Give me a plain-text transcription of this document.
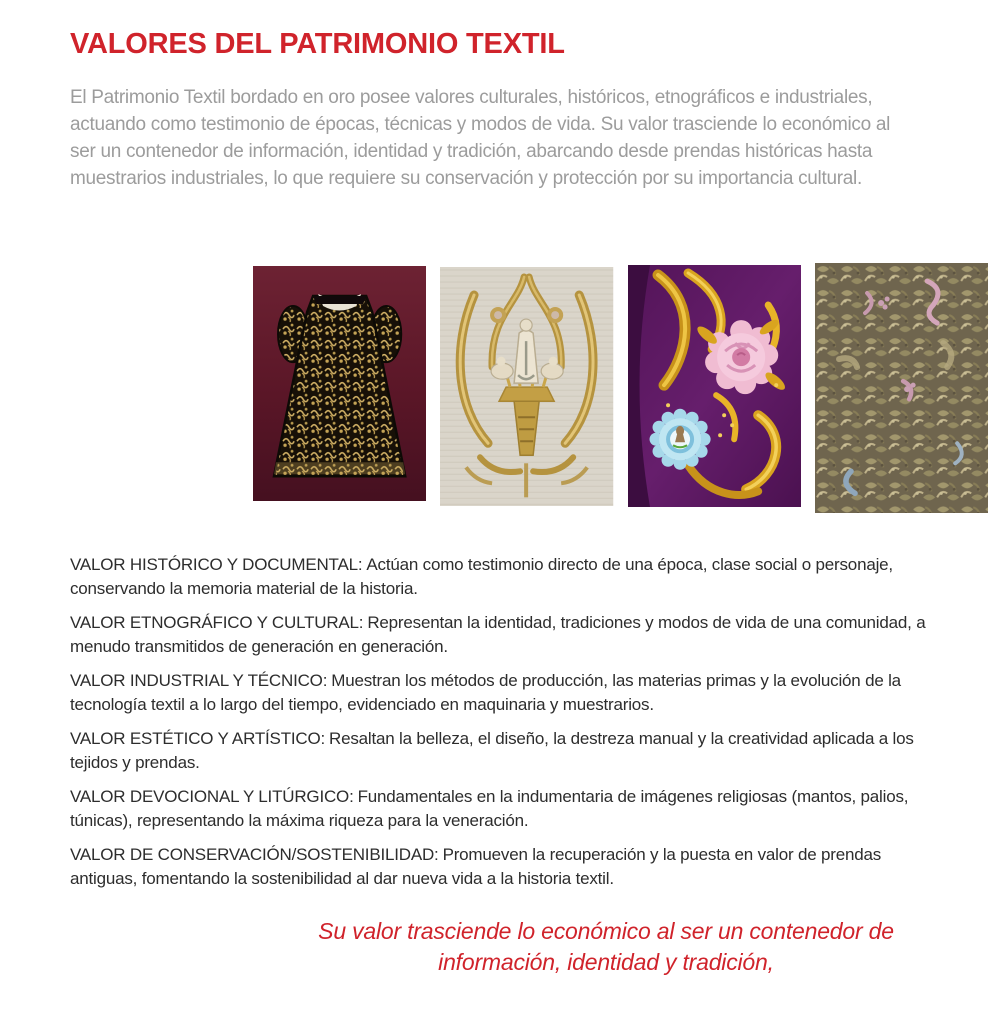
VALORES DEL PATRIMONIO TEXTIL

El Patrimonio Textil bordado en oro posee valores culturales, históricos, etnográficos e industriales, actuando como testimonio de épocas, técnicas y modos de vida. Su valor trasciende lo económico al ser un contenedor de información, identidad y tradición, abarcando desde prendas históricas hasta muestrarios industriales, lo que requiere su conservación y protección por su importancia cultural.

VALOR HISTÓRICO Y DOCUMENTAL: Actúan como testimonio directo de una época, clase social o personaje, conservando la memoria material de la historia.

VALOR ETNOGRÁFICO Y CULTURAL: Representan la identidad, tradiciones y modos de vida de una comunidad, a menudo transmitidos de generación en generación.

VALOR INDUSTRIAL Y TÉCNICO: Muestran los métodos de producción, las materias primas y la evolución de la tecnología textil a lo largo del tiempo, evidenciado en maquinaria y muestrarios.

VALOR ESTÉTICO Y ARTÍSTICO: Resaltan la belleza, el diseño, la destreza manual y la creatividad aplicada a los tejidos y prendas.

VALOR DEVOCIONAL Y LITÚRGICO: Fundamentales en la indumentaria de imágenes religiosas (mantos, palios, túnicas), representando la máxima riqueza para la veneración.

VALOR DE CONSERVACIÓN/SOSTENIBILIDAD: Promueven la recuperación y la puesta en valor de prendas antiguas, fomentando la sostenibilidad al dar nueva vida a la historia textil.

Su valor trasciende lo económico al ser un contenedor de
información, identidad y tradición,
